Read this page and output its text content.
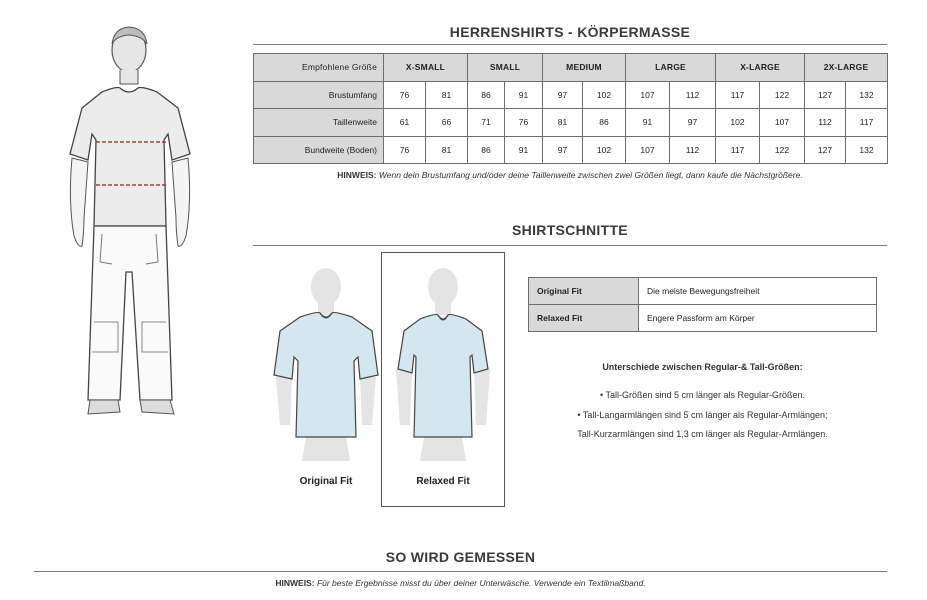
HERRENSHIRTS - KÖRPERMASSE
Empfohlene Größe	X-SMALL		SMALL		MEDIUM		LARGE		X-LARGE		2X-LARGE	
Brustumfang	76	81	86	91	97	102	107	112	117	122	127	132
Taillenweite	61	66	71	76	81	86	91	97	102	107	112	117
Bundweite (Boden)	76	81	86	91	97	102	107	112	117	122	127	132
HINWEIS: Wenn dein Brustumfang und/oder deine Taillenweite zwischen zwei Größen liegt, dann kaufe die Nächstgrößere.
SHIRTSCHNITTE
Original Fit	Relaxed Fit
Original Fit	Die meiste Bewegungsfreiheit
Relaxed Fit	Engere Passform am Körper
Unterschiede zwischen Regular-& Tall-Größen:
• Tall-Größen sind 5 cm länger als Regular-Größen.
• Tall-Langarmlängen sind 5 cm länger als Regular-Armlängen;
Tall-Kurzarmlängen sind 1,3 cm länger als Regular-Armlängen.
SO WIRD GEMESSEN
HINWEIS: Für beste Ergebnisse misst du über deiner Unterwäsche. Verwende ein Textilmaßband.
